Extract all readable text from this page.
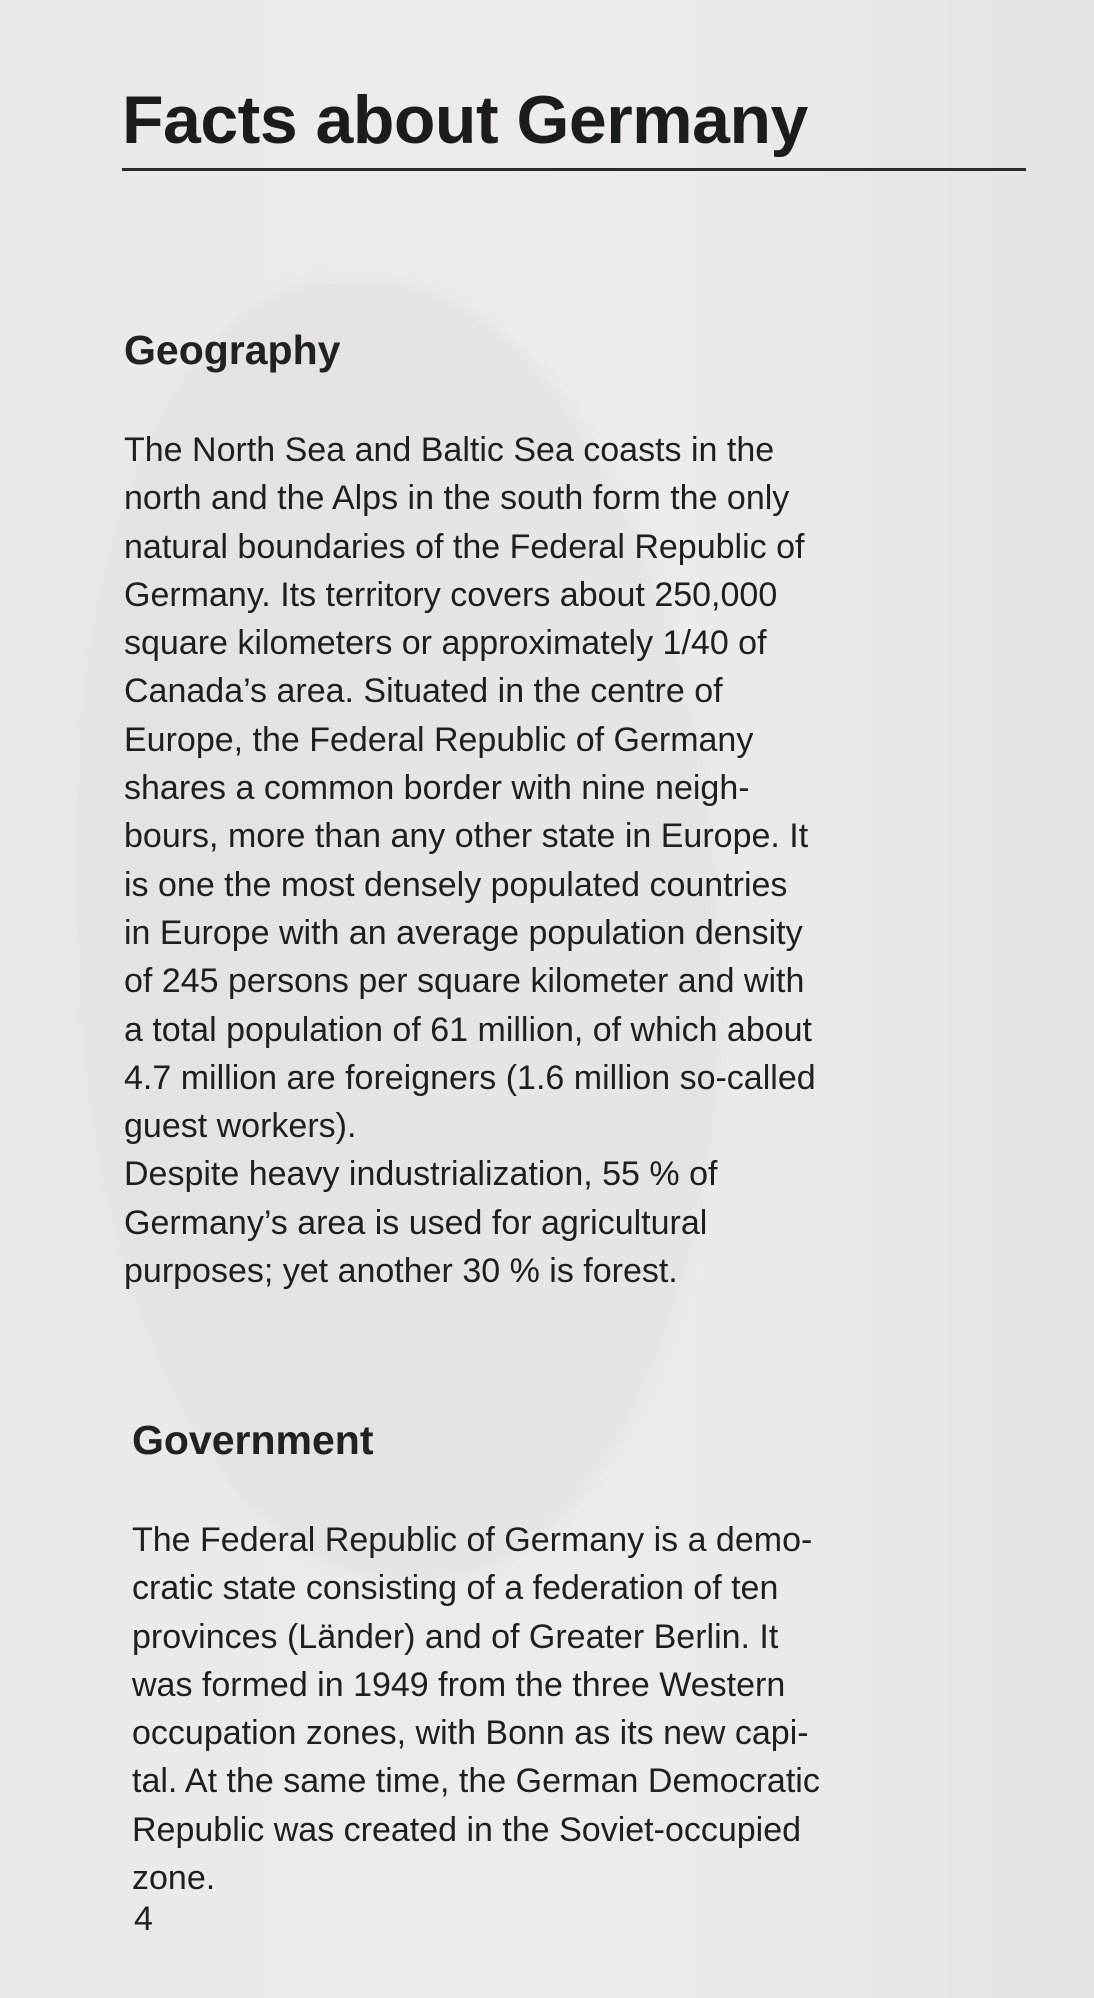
Facts about Germany
Geography
The North Sea and Baltic Sea coasts in the
north and the Alps in the south form the only
natural boundaries of the Federal Republic of
Germany. Its territory covers about 250,000
square kilometers or approximately 1/40 of
Canada’s area. Situated in the centre of
Europe, the Federal Republic of Germany
shares a common border with nine neigh-
bours, more than any other state in Europe. It
is one the most densely populated countries
in Europe with an average population density
of 245 persons per square kilometer and with
a total population of 61 million, of which about
4.7 million are foreigners (1.6 million so-called
guest workers).
Despite heavy industrialization, 55 % of
Germany’s area is used for agricultural
purposes; yet another 30 % is forest.
Government
The Federal Republic of Germany is a demo-
cratic state consisting of a federation of ten
provinces (Länder) and of Greater Berlin. It
was formed in 1949 from the three Western
occupation zones, with Bonn as its new capi-
tal. At the same time, the German Democratic
Republic was created in the Soviet-occupied
zone.
4
